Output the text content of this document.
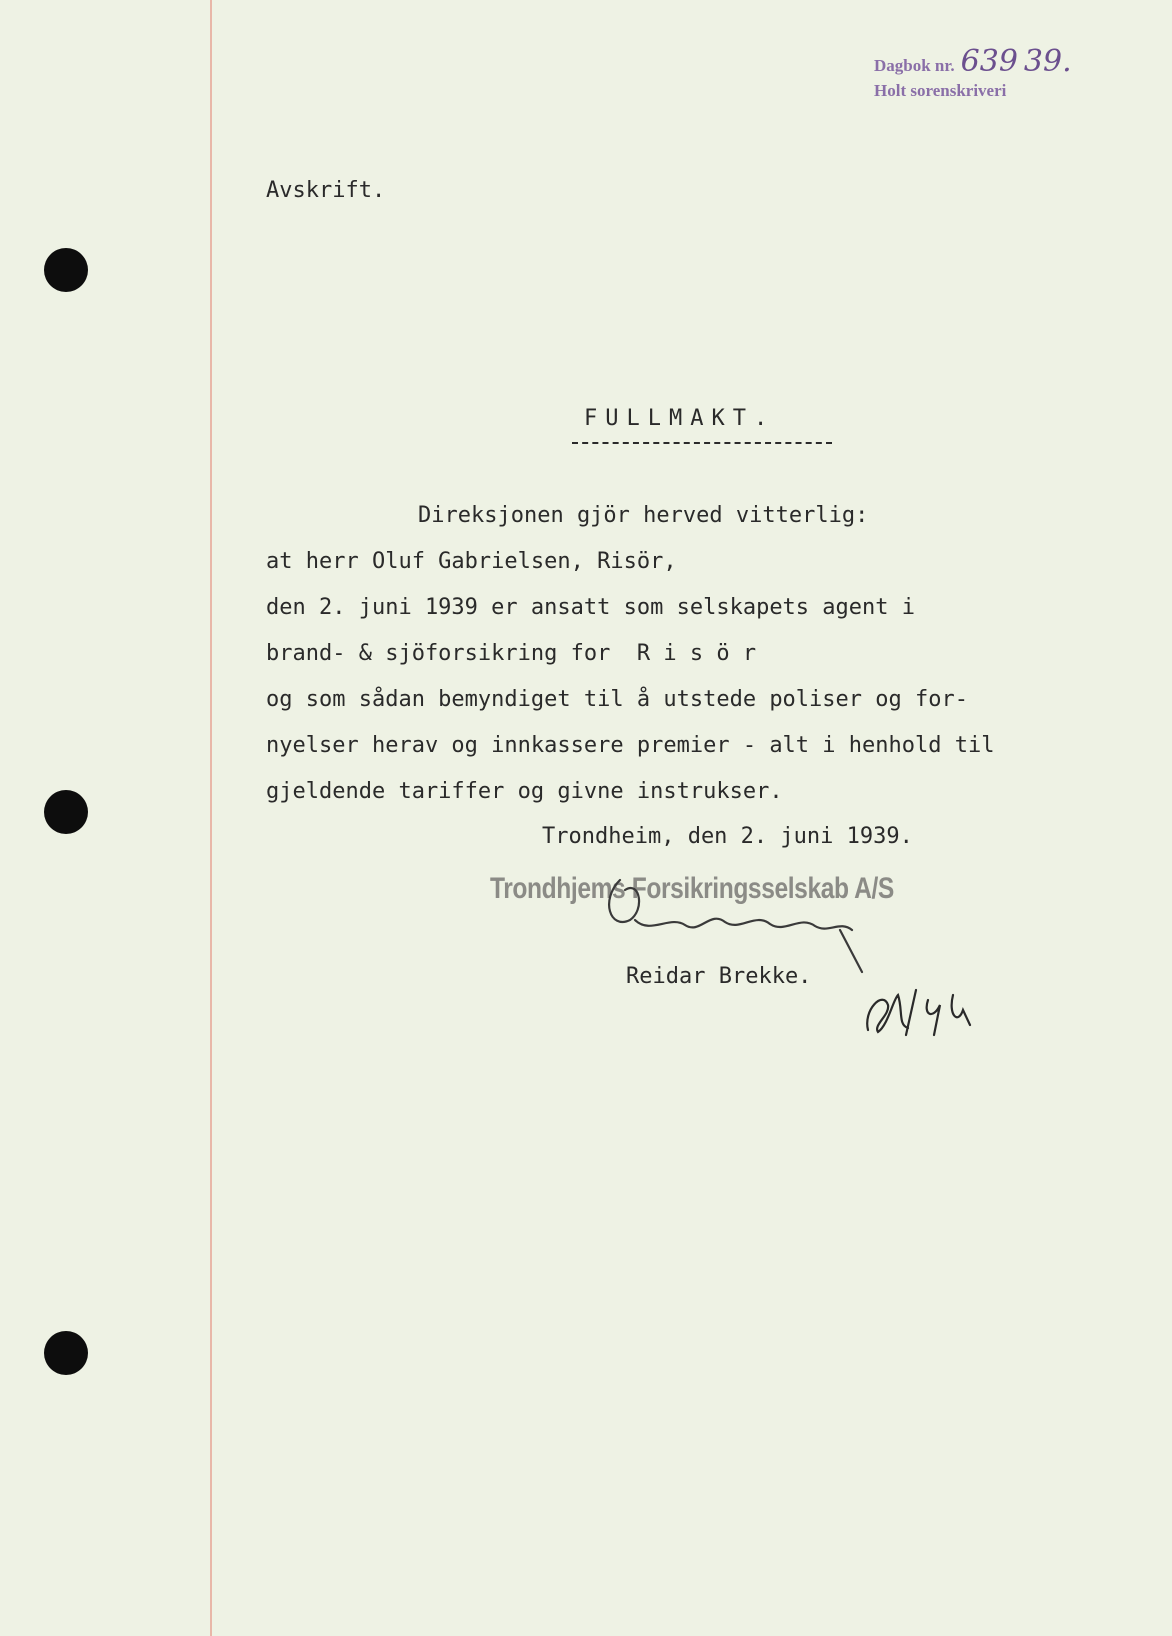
Dagbok nr. 639 39.
Holt sorenskriveri
Avskrift.
FULLMAKT.
Direksjonen gjör herved vitterlig:
at herr Oluf Gabrielsen, Risör,
den 2. juni 1939 er ansatt som selskapets agent i
brand- & sjöforsikring for  R i s ö r
og som sådan bemyndiget til å utstede poliser og for-
nyelser herav og innkassere premier - alt i henhold til
gjeldende tariffer og givne instrukser.
Trondheim, den 2. juni 1939.
Trondhjems Forsikringsselskab A/S
Reidar Brekke.
